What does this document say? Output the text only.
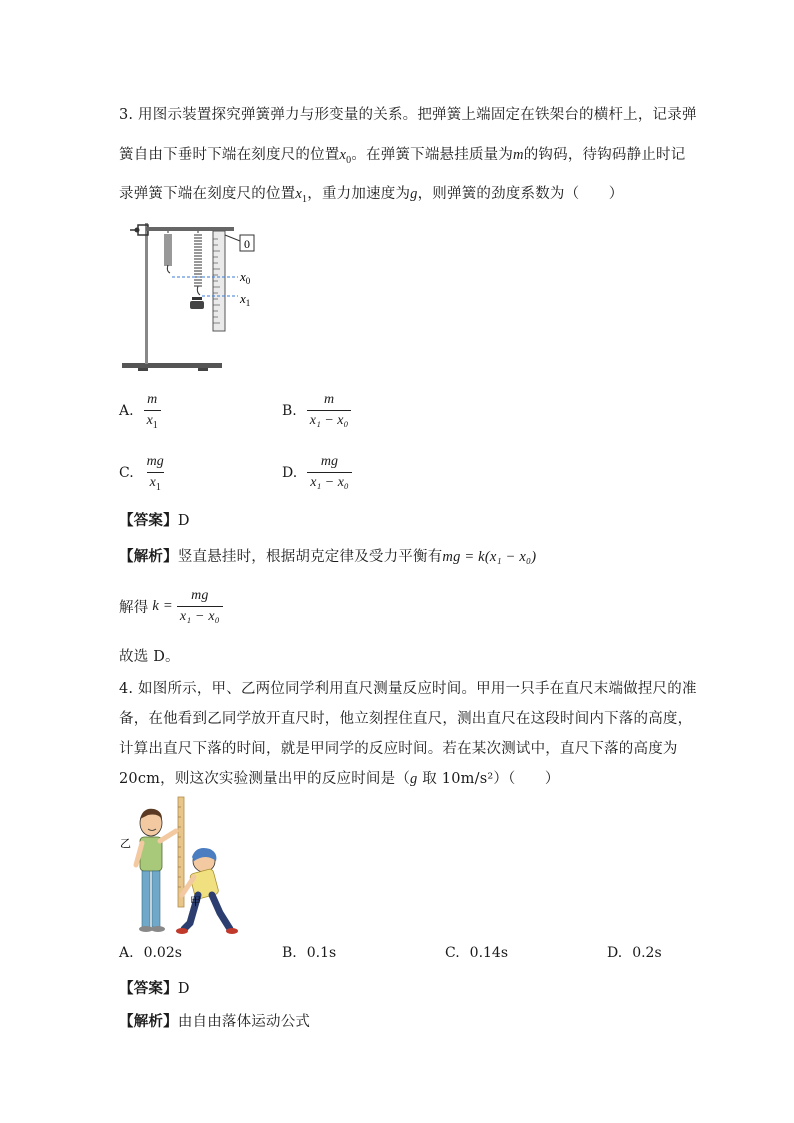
3. 用图示装置探究弹簧弹力与形变量的关系。把弹簧上端固定在铁架台的横杆上，记录弹
簧自由下垂时下端在刻度尺的位置$x_0$。在弹簧下端悬挂质量为m的钩码，待钩码静止时记
录弹簧下端在刻度尺的位置$x_1$，重力加速度为g，则弹簧的劲度系数为（　　）
0
$x_0$
$x_1$
A. $\frac{m}{x_1}$	B. $\frac{m}{\text{x₁ − x₀}}$
C. $\frac{mg}{x_1}$	D. $\frac{mg}{\text{x₁ − x₀}}$
【答案】D
【解析】竖直悬挂时，根据胡克定律及受力平衡有mg = k(x₁ − x₀)
解得 $k = \frac{mg}{\text{x₁ − x₀}}$
故选 D。
4. 如图所示，甲、乙两位同学利用直尺测量反应时间。甲用一只手在直尺末端做捏尺的准
备，在他看到乙同学放开直尺时，他立刻捏住直尺，测出直尺在这段时间内下落的高度，
计算出直尺下落的时间，就是甲同学的反应时间。若在某次测试中，直尺下落的高度为
20cm，则这次实验测量出甲的反应时间是（g 取 10m/s²）（　　）
乙
甲
A. 0.02s	B. 0.1s	C. 0.14s	D. 0.2s
【答案】D
【解析】由自由落体运动公式
